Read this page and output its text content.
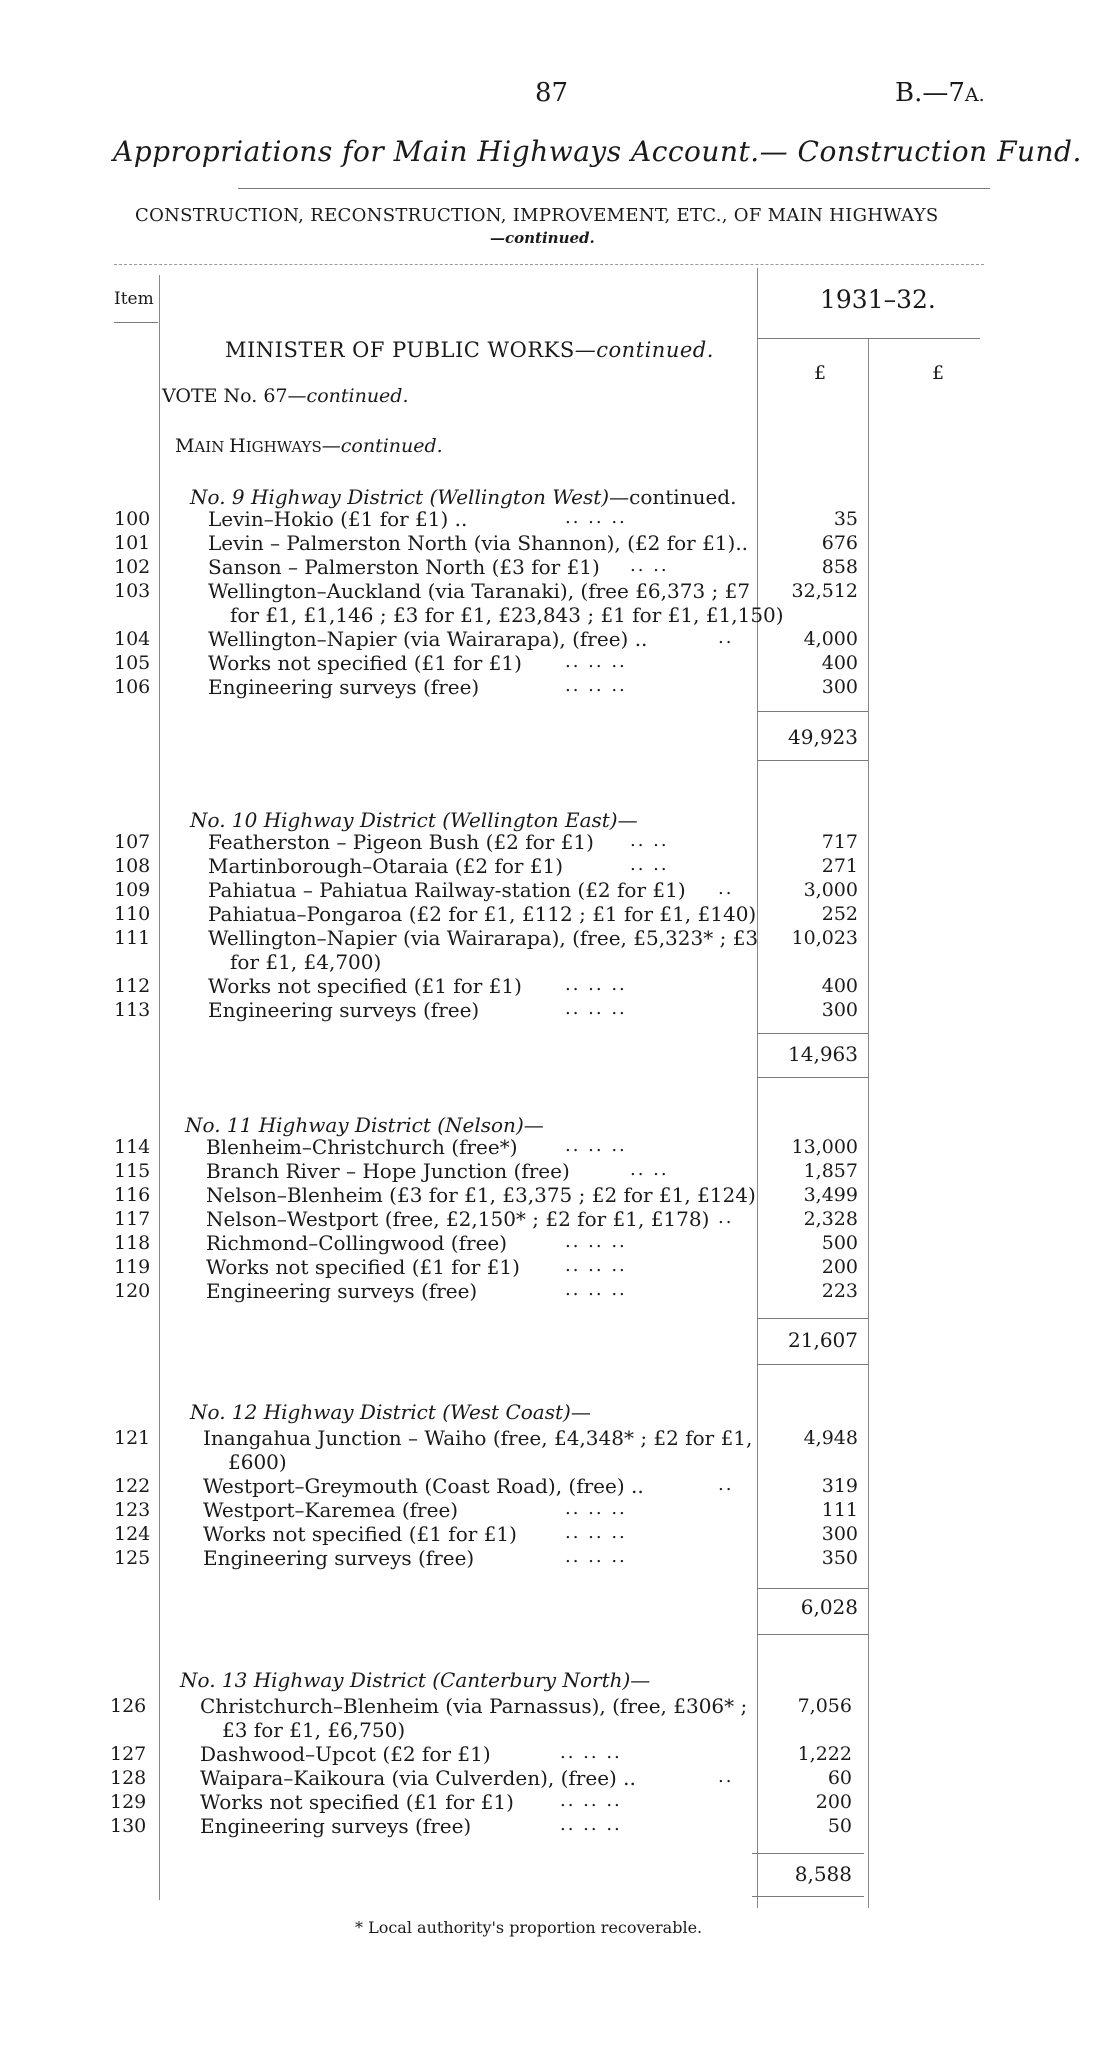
87	B.—7A.
Appropriations for Main Highways Account.— Construction Fund.
CONSTRUCTION, RECONSTRUCTION, IMPROVEMENT, ETC., OF MAIN HIGHWAYS
—continued.
Item	1931–32.
£	£
MINISTER OF PUBLIC WORKS—continued.
VOTE No. 67—continued.
MAIN HIGHWAYS—continued.
No. 9 Highway District (Wellington West)—continued.
100	Levin–Hokio (£1 for £1) ..	.. .. ..	35
101	Levin – Palmerston North (via Shannon), (£2 for £1)..	676
102	Sanson – Palmerston North (£3 for £1) .. ..	858
103	Wellington–Auckland (via Taranaki), (free £6,373 ; £7
for £1, £1,146 ; £3 for £1, £23,843 ; £1 for £1, £1,150)
32,512
104	Wellington–Napier (via Wairarapa), (free) ..	..	4,000
105	Works not specified (£1 for £1) .. .. ..	400
106	Engineering surveys (free)	.. .. ..	300
49,923
No. 10 Highway District (Wellington East)—
107	Featherston – Pigeon Bush (£2 for £1) .. ..	717
108	Martinborough–Otaraia (£2 for £1)	.. ..	271
109	Pahiatua – Pahiatua Railway-station (£2 for £1) ..	3,000
110	Pahiatua–Pongaroa (£2 for £1, £112 ; £1 for £1, £140)	252
111	Wellington–Napier (via Wairarapa), (free, £5,323* ; £3
for £1, £4,700)
10,023
112	Works not specified (£1 for £1) .. .. ..	400
113	Engineering surveys (free)	.. .. ..	300
14,963
No. 11 Highway District (Nelson)—
114	Blenheim–Christchurch (free*)	.. .. ..	13,000
115	Branch River – Hope Junction (free)	.. ..	1,857
116	Nelson–Blenheim (£3 for £1, £3,375 ; £2 for £1, £124)	3,499
117	Nelson–Westport (free, £2,150* ; £2 for £1, £178) ..	2,328
118	Richmond–Collingwood (free)	.. .. ..	500
119	Works not specified (£1 for £1)	.. .. ..	200
120	Engineering surveys (free)	.. .. ..	223
21,607
No. 12 Highway District (West Coast)—
121	Inangahua Junction – Waiho (free, £4,348* ; £2 for £1,
£600)
4,948
122	Westport–Greymouth (Coast Road), (free) ..	..	319
123	Westport–Karemea (free)	.. .. ..	111
124	Works not specified (£1 for £1)	.. .. ..	300
125	Engineering surveys (free)	.. .. ..	350
6,028
No. 13 Highway District (Canterbury North)—
126	Christchurch–Blenheim (via Parnassus), (free, £306* ;
£3 for £1, £6,750)
7,056
127	Dashwood–Upcot (£2 for £1)	.. .. ..	1,222
128	Waipara–Kaikoura (via Culverden), (free) ..	..	60
129	Works not specified (£1 for £1)	.. .. ..	200
130	Engineering surveys (free)	.. .. ..	50
8,588
* Local authority's proportion recoverable.
